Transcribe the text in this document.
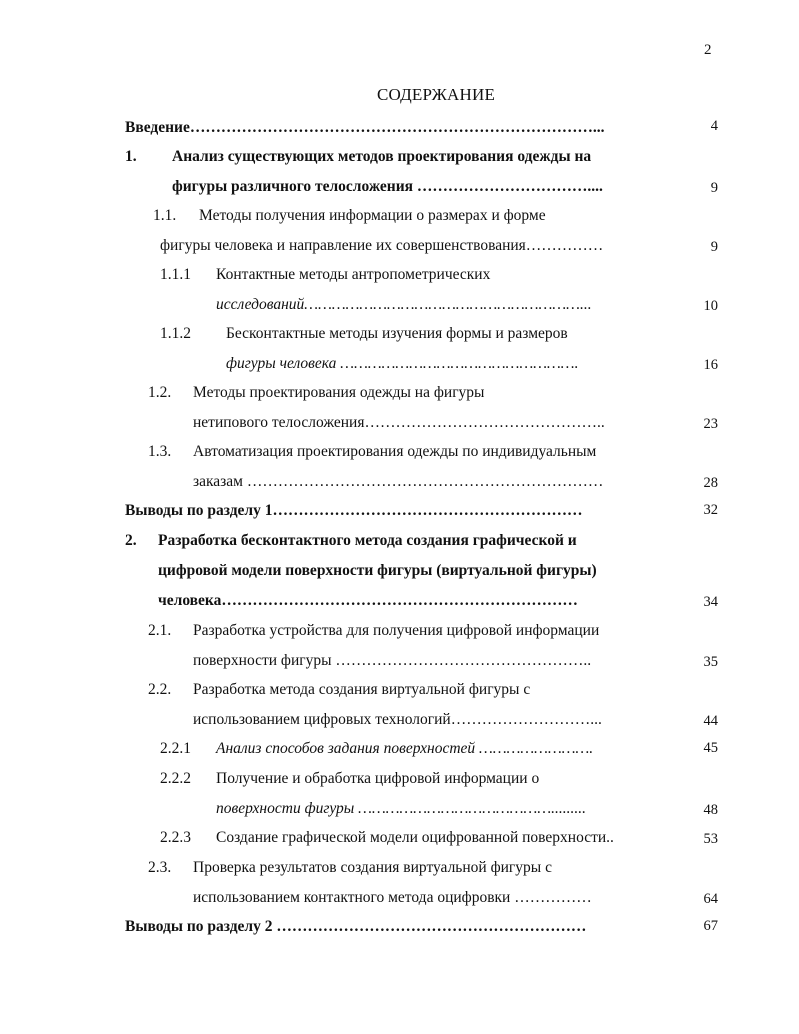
2
СОДЕРЖАНИЕ
Введение……………………………………………………………………...	4
1. Анализ существующих методов проектирования одежды на
фигуры различного телосложения ……………………………....	9
1.1. Методы получения информации о размерах и форме
фигуры человека и направление их совершенствования……………	9
1.1.1 Контактные методы антропометрических
исследований……………………………………………………...	10
1.1.2 Бесконтактные методы изучения формы и размеров
фигуры человека …………………………………………….	16
1.2. Методы проектирования одежды на фигуры
нетипового телосложения………………………………………..	23
1.3. Автоматизация проектирования одежды по индивидуальным
заказам ……………………………………………………………	28
Выводы по разделу 1……………………………………………………	32
2. Разработка бесконтактного метода создания графической и
цифровой модели поверхности фигуры (виртуальной фигуры)
человека……………………………………………………………	34
2.1. Разработка устройства для получения цифровой информации
поверхности фигуры …………………………………………..	35
2.2. Разработка метода создания виртуальной фигуры с
использованием цифровых технологий………………………...	44
2.2.1 Анализ способов задания поверхностей …………………….	45
2.2.2 Получение и обработка цифровой информации о
поверхности фигуры …………………………………….........	48
2.2.3 Создание графической модели оцифрованной поверхности..	53
2.3. Проверка результатов создания виртуальной фигуры с
использованием контактного метода оцифровки ……………	64
Выводы по разделу 2 ……………………………………………………	67
